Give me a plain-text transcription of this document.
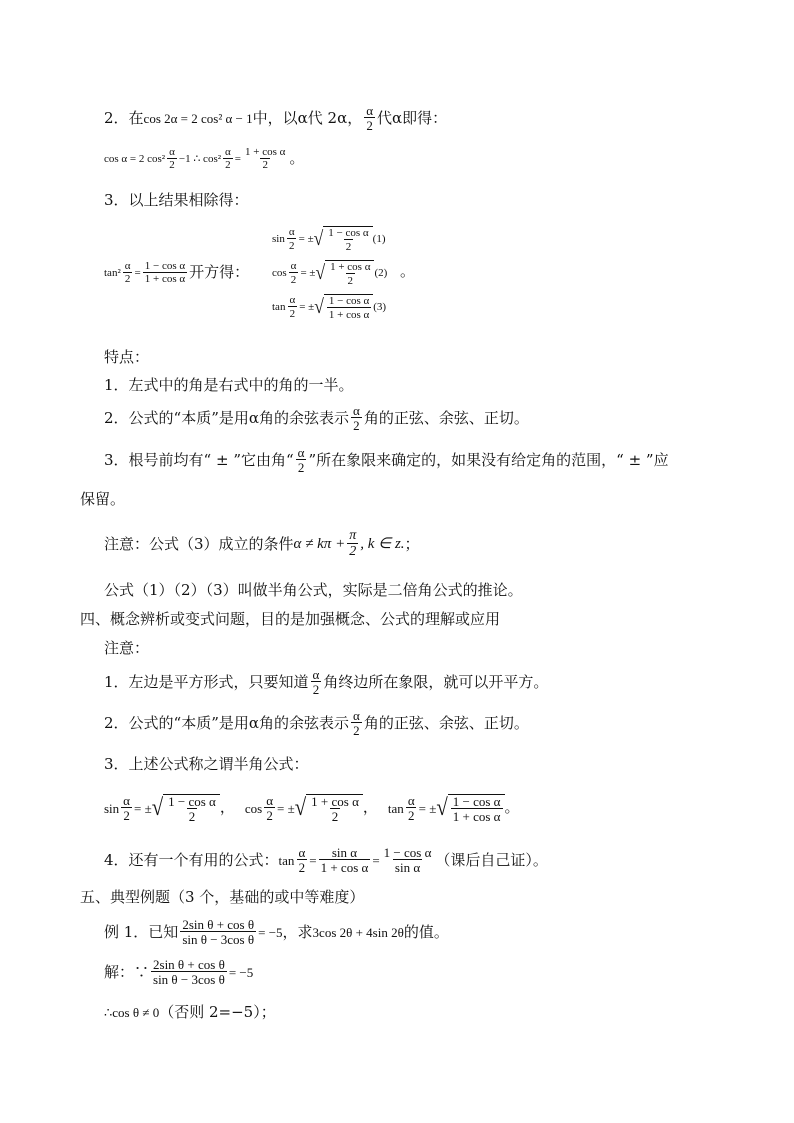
2．在 cos 2α = 2 cos² α − 1 中，以α代 2α， $\frac{\alpha}{2}$ 代α即得：
cos α = 2 $\cos^2 \frac{\alpha}{2} -1$ ∴ $\cos^2 \frac{\alpha}{2} = \frac{\text{1 + cos α}}{2}$ 。
3．以上结果相除得：
$\tan^2 \frac{\alpha}{2} = \frac{\text{1 − cos α}}{\text{1 + cos α}}$ 开方得：	。
$\sin \frac{\alpha}{2}$ = ± √ $\frac{\text{1 − cos α}}{2} (1)$
$\cos \frac{\alpha}{2}$ = ± √ $\frac{\text{1 + cos α}}{2} (2)$
$\tan \frac{\alpha}{2}$ = ± √ $\frac{\text{1 − cos α}}{\text{1 + cos α}} (3)$
特点：
1．左式中的角是右式中的角的一半。
2．公式的“本质”是用α角的余弦表示 $\frac{\alpha}{2}$ 角的正弦、余弦、正切。
3．根号前均有“ ± ”它由角“ $\frac{\alpha}{2}$ ”所在象限来确定的，如果没有给定角的范围，“ ± ”应
保留。
注意：公式（3）成立的条件 $\alpha \ne k\pi + \frac{\pi}{2}$ , k ∈ z. ；
公式（1）（2）（3）叫做半角公式，实际是二倍角公式的推论。
四、概念辨析或变式问题，目的是加强概念、公式的理解或应用
注意：
1．左边是平方形式，只要知道 $\frac{\alpha}{2}$ 角终边所在象限，就可以开平方。
2．公式的“本质”是用α角的余弦表示 $\frac{\alpha}{2}$ 角的正弦、余弦、正切。
3．上述公式称之谓半角公式：
$\sin \frac{\alpha}{2}$ = ± √ $\frac{\text{1 − cos α}}{2}$ ， $\cos \frac{\alpha}{2}$ = ± √ $\frac{\text{1 + cos α}}{2}$ ， $\tan \frac{\alpha}{2}$ = ± √ $\frac{\text{1 − cos α}}{\text{1 + cos α}}$ 。
4．还有一个有用的公式： $\tan \frac{\alpha}{2} = \frac{\text{sin α}}{\text{1 + cos α}} = \frac{\text{1 − cos α}}{\text{sin α}}$ （课后自己证）。
五、典型例题（3 个，基础的或中等难度）
例 1．已知 $\frac{\text{2sin θ + cos θ}}{\text{sin θ − 3cos θ}} = -5$ ，求 3cos 2θ + 4sin 2θ 的值。
解：∵ $\frac{\text{2sin θ + cos θ}}{\text{sin θ − 3cos θ}} = -5$
∴cos θ ≠ 0 （否则 2=−5）；
